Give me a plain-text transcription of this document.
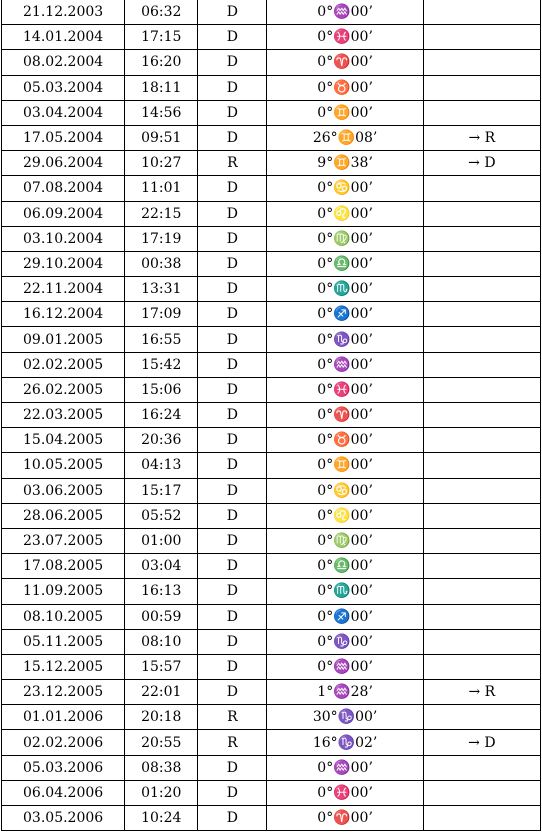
21.12.2003	06:32	D	0°♒00’	
14.01.2004	17:15	D	0°♓00’	
08.02.2004	16:20	D	0°♈00’	
05.03.2004	18:11	D	0°♉00’	
03.04.2004	14:56	D	0°♊00’	
17.05.2004	09:51	D	26°♊08’	→ R
29.06.2004	10:27	R	9°♊38’	→ D
07.08.2004	11:01	D	0°♋00’	
06.09.2004	22:15	D	0°♌00’	
03.10.2004	17:19	D	0°♍00’	
29.10.2004	00:38	D	0°♎00’	
22.11.2004	13:31	D	0°♏00’	
16.12.2004	17:09	D	0°♐00’	
09.01.2005	16:55	D	0°♑00’	
02.02.2005	15:42	D	0°♒00’	
26.02.2005	15:06	D	0°♓00’	
22.03.2005	16:24	D	0°♈00’	
15.04.2005	20:36	D	0°♉00’	
10.05.2005	04:13	D	0°♊00’	
03.06.2005	15:17	D	0°♋00’	
28.06.2005	05:52	D	0°♌00’	
23.07.2005	01:00	D	0°♍00’	
17.08.2005	03:04	D	0°♎00’	
11.09.2005	16:13	D	0°♏00’	
08.10.2005	00:59	D	0°♐00’	
05.11.2005	08:10	D	0°♑00’	
15.12.2005	15:57	D	0°♒00’	
23.12.2005	22:01	D	1°♒28’	→ R
01.01.2006	20:18	R	30°♑00’	
02.02.2006	20:55	R	16°♑02’	→ D
05.03.2006	08:38	D	0°♒00’	
06.04.2006	01:20	D	0°♓00’	
03.05.2006	10:24	D	0°♈00’	
